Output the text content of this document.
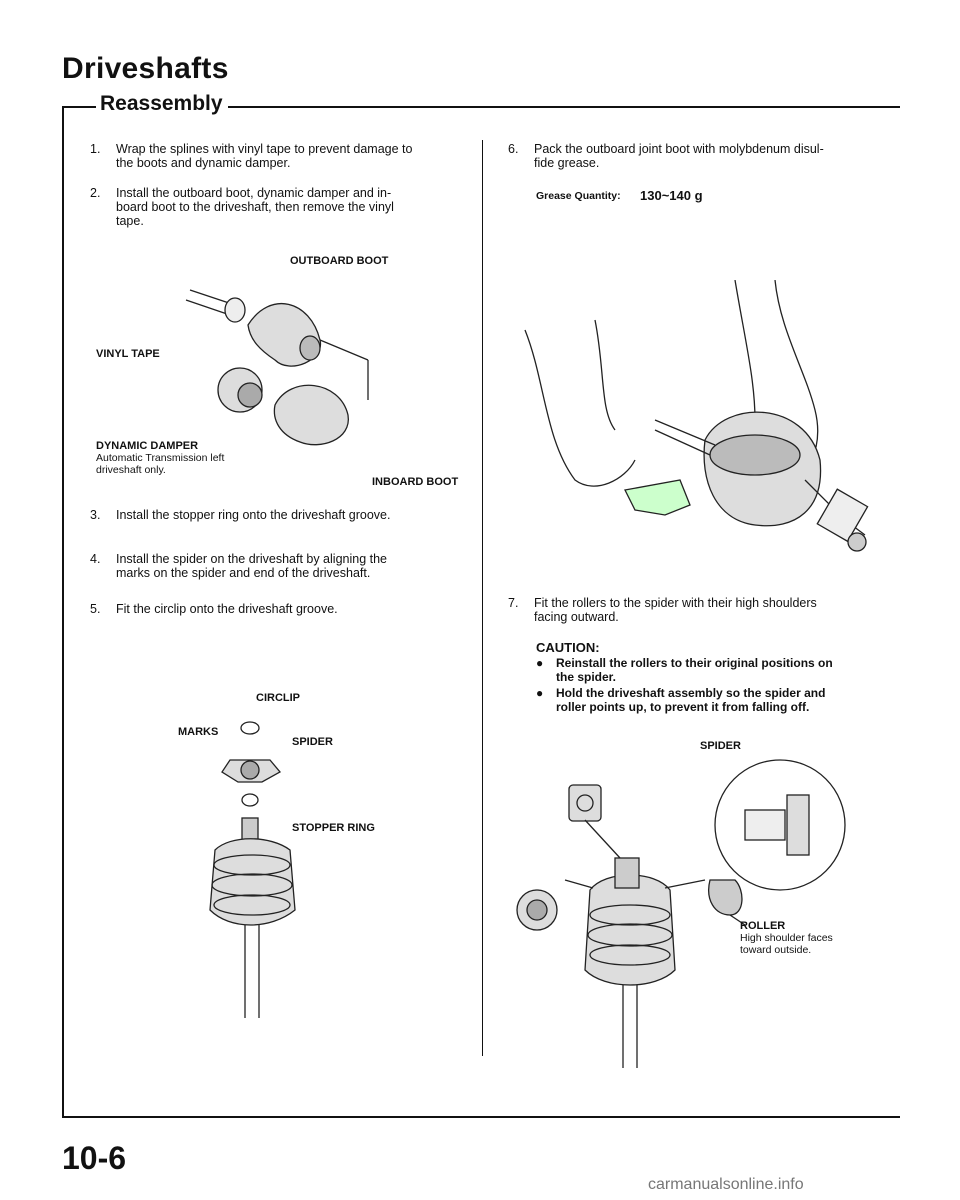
Driveshafts
Reassembly
1.	Wrap the splines with vinyl tape to prevent damage to
the boots and dynamic damper.
2.	Install the outboard boot, dynamic damper and in-
board boot to the driveshaft, then remove the vinyl
tape.
OUTBOARD BOOT
VINYL TAPE
DYNAMIC DAMPER
Automatic Transmission left
driveshaft only.
INBOARD BOOT
3.	Install the stopper ring onto the driveshaft groove.
4.	Install the spider on the driveshaft by aligning the
marks on the spider and end of the driveshaft.
5.	Fit the circlip onto the driveshaft groove.
CIRCLIP
MARKS
SPIDER
STOPPER RING
6.	Pack the outboard joint boot with molybdenum disul-
fide grease.
Grease Quantity: 130~140 g
7.	Fit the rollers to the spider with their high shoulders
facing outward.
CAUTION:
● Reinstall the rollers to their original positions on
the spider.
● Hold the driveshaft assembly so the spider and
roller points up, to prevent it from falling off.
SPIDER
ROLLER
High shoulder faces
toward outside.
10-6
carmanualsonline.info
